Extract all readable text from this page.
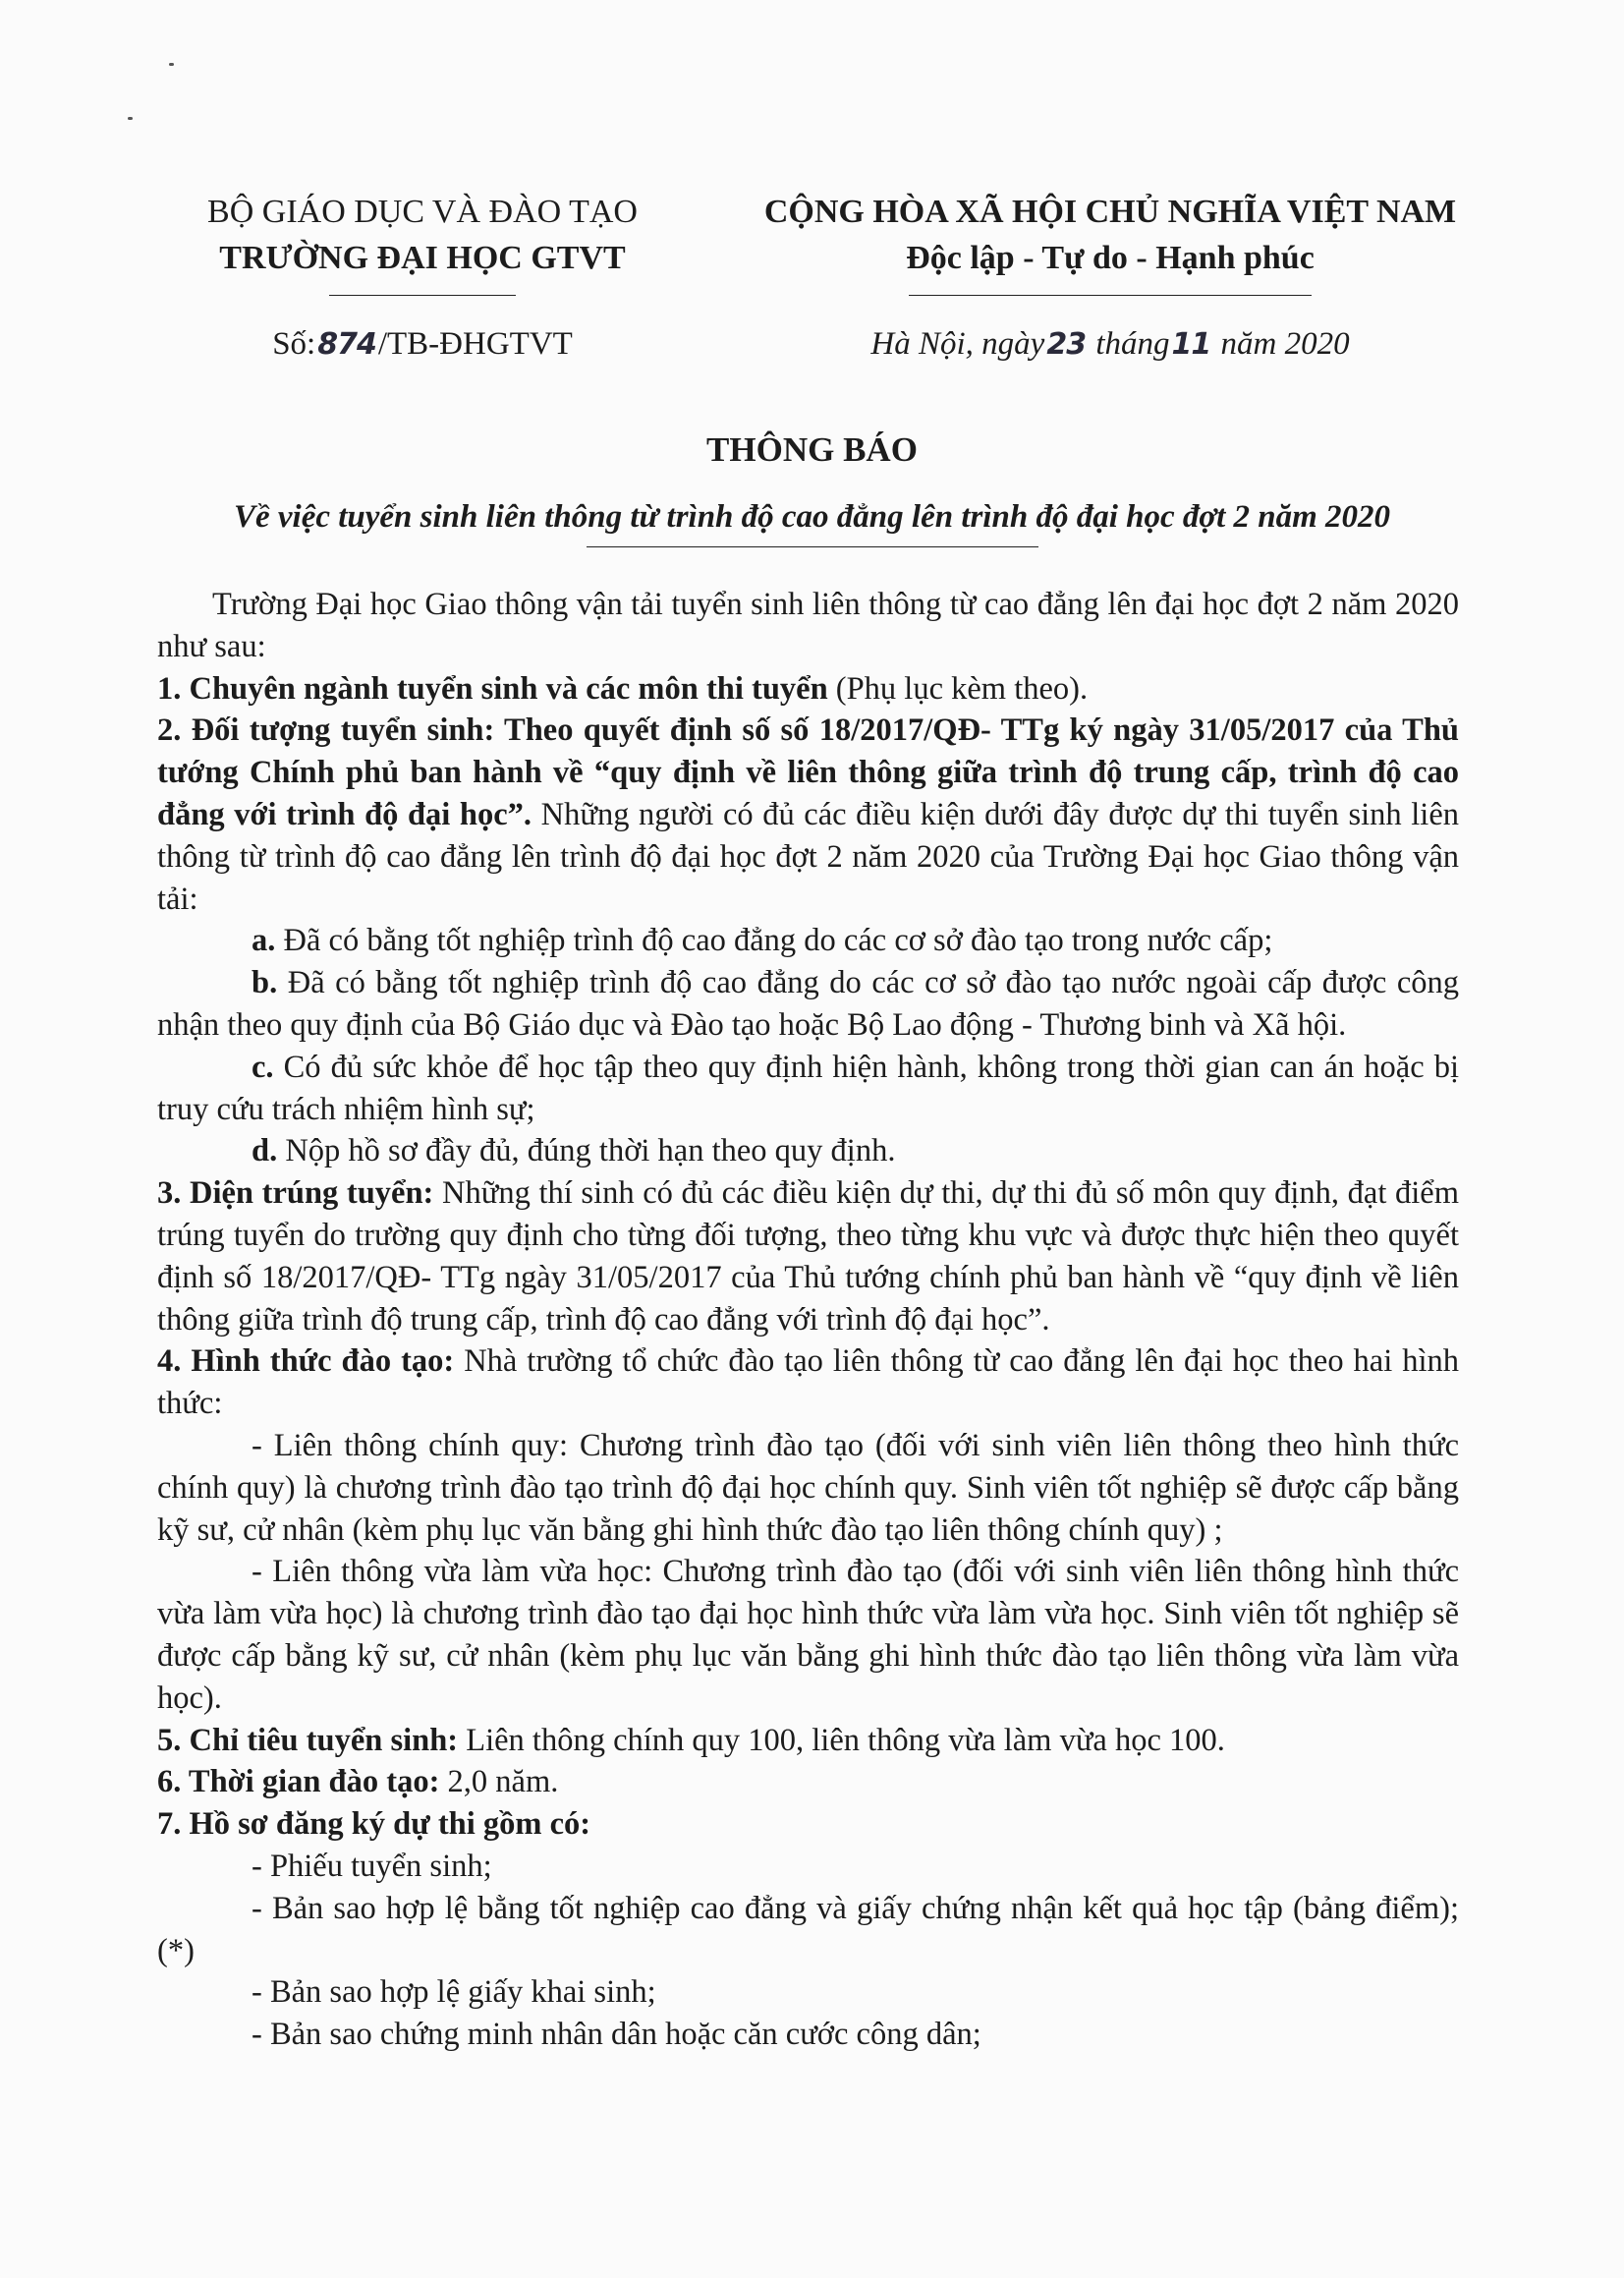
BỘ GIÁO DỤC VÀ ĐÀO TẠO
TRƯỜNG ĐẠI HỌC GTVT
CỘNG HÒA XÃ HỘI CHỦ NGHĨA VIỆT NAM
Độc lập - Tự do - Hạnh phúc
Số:874/TB-ĐHGTVT	Hà Nội, ngày23 tháng11 năm 2020
THÔNG BÁO
Về việc tuyển sinh liên thông từ trình độ cao đẳng lên trình độ đại học đợt 2 năm 2020

Trường Đại học Giao thông vận tải tuyển sinh liên thông từ cao đẳng lên đại học đợt 2 năm 2020 như sau:

1. Chuyên ngành tuyển sinh và các môn thi tuyển (Phụ lục kèm theo).

2. Đối tượng tuyển sinh: Theo quyết định số số 18/2017/QĐ- TTg ký ngày 31/05/2017 của Thủ tướng Chính phủ ban hành về “quy định về liên thông giữa trình độ trung cấp, trình độ cao đẳng với trình độ đại học”. Những người có đủ các điều kiện dưới đây được dự thi tuyển sinh liên thông từ trình độ cao đẳng lên trình độ đại học đợt 2 năm 2020 của Trường Đại học Giao thông vận tải:

a. Đã có bằng tốt nghiệp trình độ cao đẳng do các cơ sở đào tạo trong nước cấp;

b. Đã có bằng tốt nghiệp trình độ cao đẳng do các cơ sở đào tạo nước ngoài cấp được công nhận theo quy định của Bộ Giáo dục và Đào tạo hoặc Bộ Lao động - Thương binh và Xã hội.

c. Có đủ sức khỏe để học tập theo quy định hiện hành, không trong thời gian can án hoặc bị truy cứu trách nhiệm hình sự;

d. Nộp hồ sơ đầy đủ, đúng thời hạn theo quy định.

3. Diện trúng tuyển: Những thí sinh có đủ các điều kiện dự thi, dự thi đủ số môn quy định, đạt điểm trúng tuyển do trường quy định cho từng đối tượng, theo từng khu vực và được thực hiện theo quyết định số 18/2017/QĐ- TTg ngày 31/05/2017 của Thủ tướng chính phủ ban hành về “quy định về liên thông giữa trình độ trung cấp, trình độ cao đẳng với trình độ đại học”.

4. Hình thức đào tạo: Nhà trường tổ chức đào tạo liên thông từ cao đẳng lên đại học theo hai hình thức:

- Liên thông chính quy: Chương trình đào tạo (đối với sinh viên liên thông theo hình thức chính quy) là chương trình đào tạo trình độ đại học chính quy. Sinh viên tốt nghiệp sẽ được cấp bằng kỹ sư, cử nhân (kèm phụ lục văn bằng ghi hình thức đào tạo liên thông chính quy) ;

- Liên thông vừa làm vừa học: Chương trình đào tạo (đối với sinh viên liên thông hình thức vừa làm vừa học) là chương trình đào tạo đại học hình thức vừa làm vừa học. Sinh viên tốt nghiệp sẽ được cấp bằng kỹ sư, cử nhân (kèm phụ lục văn bằng ghi hình thức đào tạo liên thông vừa làm vừa học).

5. Chỉ tiêu tuyển sinh: Liên thông chính quy 100, liên thông vừa làm vừa học 100.

6. Thời gian đào tạo: 2,0 năm.

7. Hồ sơ đăng ký dự thi gồm có:

- Phiếu tuyển sinh;

- Bản sao hợp lệ bằng tốt nghiệp cao đẳng và giấy chứng nhận kết quả học tập (bảng điểm); (*)

- Bản sao hợp lệ giấy khai sinh;

- Bản sao chứng minh nhân dân hoặc căn cước công dân;
